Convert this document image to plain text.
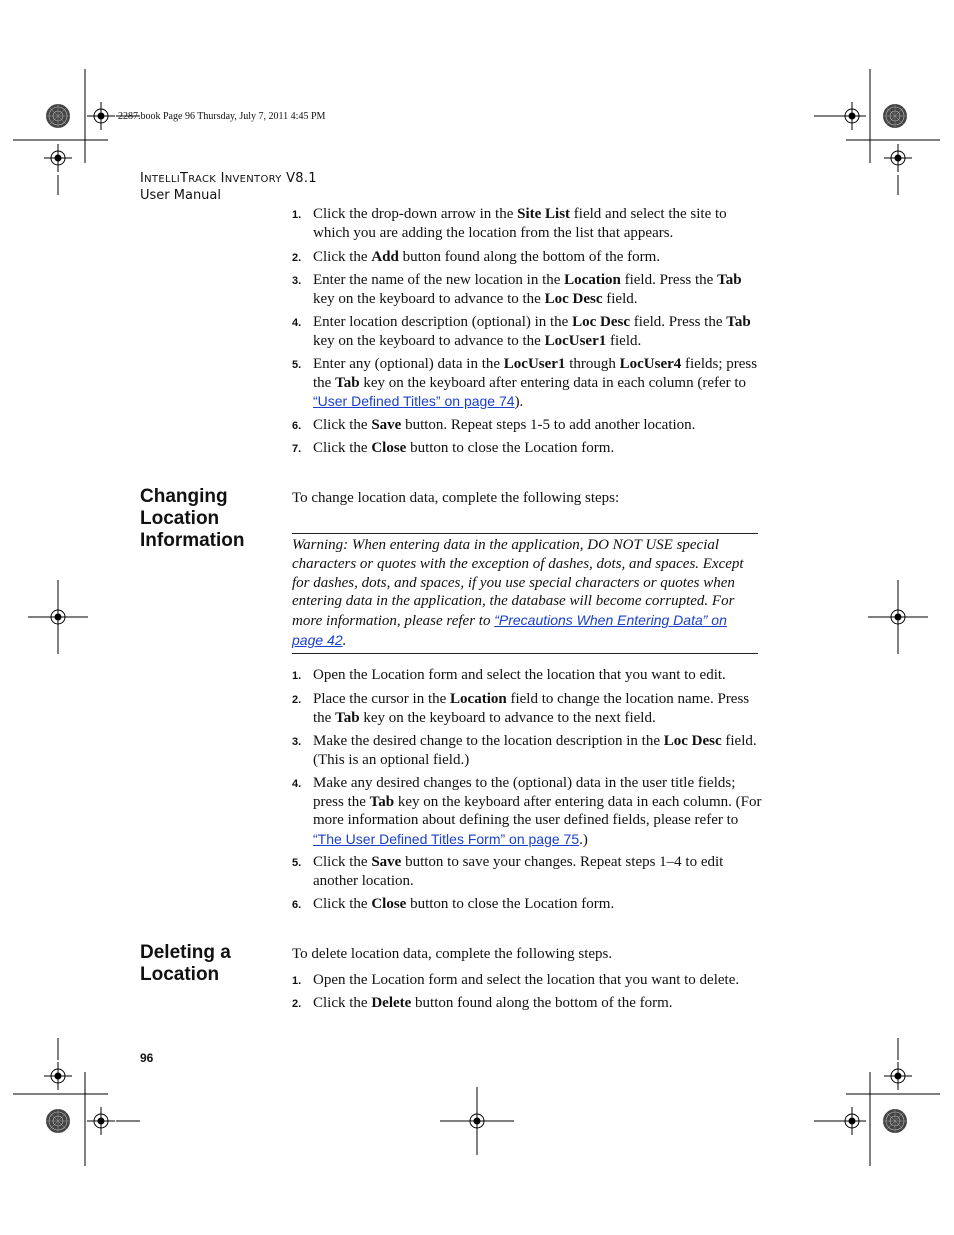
2287.book Page 96 Thursday, July 7, 2011 4:45 PM
INTELLITRACK INVENTORY V8.1
User Manual
1. Click the drop-down arrow in the Site List field and select the site to which you are adding the location from the list that appears.
2. Click the Add button found along the bottom of the form.
3. Enter the name of the new location in the Location field. Press the Tab key on the keyboard to advance to the Loc Desc field.
4. Enter location description (optional) in the Loc Desc field. Press the Tab key on the keyboard to advance to the LocUser1 field.
5. Enter any (optional) data in the LocUser1 through LocUser4 fields; press the Tab key on the keyboard after entering data in each column (refer to “User Defined Titles” on page 74).
6. Click the Save button. Repeat steps 1-5 to add another location.
7. Click the Close button to close the Location form.
Changing Location Information
To change location data, complete the following steps:
Warning: When entering data in the application, DO NOT USE special characters or quotes with the exception of dashes, dots, and spaces. Except for dashes, dots, and spaces, if you use special characters or quotes when entering data in the application, the database will become corrupted. For more information, please refer to “Precautions When Entering Data” on page 42.
1. Open the Location form and select the location that you want to edit.
2. Place the cursor in the Location field to change the location name. Press the Tab key on the keyboard to advance to the next field.
3. Make the desired change to the location description in the Loc Desc field. (This is an optional field.)
4. Make any desired changes to the (optional) data in the user title fields; press the Tab key on the keyboard after entering data in each column. (For more information about defining the user defined fields, please refer to “The User Defined Titles Form” on page 75.)
5. Click the Save button to save your changes. Repeat steps 1–4 to edit another location.
6. Click the Close button to close the Location form.
Deleting a Location
To delete location data, complete the following steps.
1. Open the Location form and select the location that you want to delete.
2. Click the Delete button found along the bottom of the form.
96
